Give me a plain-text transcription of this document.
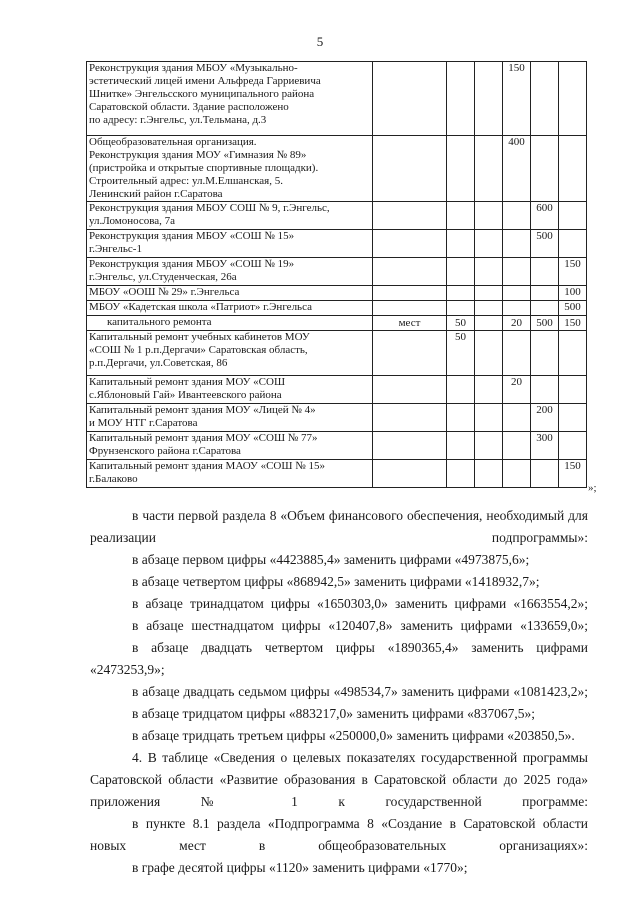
5
Реконструкция здания МБОУ «Музыкально-
эстетический лицей имени Альфреда Гарриевича
Шнитке» Энгельсского муниципального района
Саратовской области. Здание расположено
по адресу: г.Энгельс, ул.Тельмана, д.3				150		
Общеобразовательная организация.
Реконструкция здания МОУ «Гимназия № 89»
(пристройка и открытые спортивные площадки).
Строительный адрес: ул.М.Елшанская, 5.
Ленинский район г.Саратова				400		
Реконструкция здания МБОУ СОШ № 9, г.Энгельс,
ул.Ломоносова, 7а					600	
Реконструкция здания МБОУ «СОШ № 15»
г.Энгельс-1					500	
Реконструкция здания МБОУ «СОШ № 19»
г.Энгельс, ул.Студенческая, 26а						150
МБОУ «ООШ № 29» г.Энгельса						100
МБОУ «Кадетская школа «Патриот» г.Энгельса						500
капитального ремонта	мест	50		20	500	150
Капитальный ремонт учебных кабинетов МОУ
«СОШ № 1 р.п.Дергачи» Саратовская область,
р.п.Дергачи, ул.Советская, 86		50				
Капитальный ремонт здания МОУ «СОШ
с.Яблоновый Гай» Ивантеевского района				20		
Капитальный ремонт здания МОУ «Лицей № 4»
и МОУ НТГ г.Саратова					200	
Капитальный ремонт здания МОУ «СОШ № 77»
Фрунзенского района г.Саратова					300	
Капитальный ремонт здания МАОУ «СОШ № 15»
г.Балаково						150
»;

в части первой раздела 8 «Объем финансового обеспечения, необходимый для реализации подпрограммы»:

в абзаце первом цифры «4423885,4» заменить цифрами «4973875,6»;

в абзаце четвертом цифры «868942,5» заменить цифрами «1418932,7»;

в абзаце тринадцатом цифры «1650303,0» заменить цифрами «1663554,2»;

в абзаце шестнадцатом цифры «120407,8» заменить цифрами «133659,0»;

в абзаце двадцать четвертом цифры «1890365,4» заменить цифрами «2473253,9»;

в абзаце двадцать седьмом цифры «498534,7» заменить цифрами «1081423,2»;

в абзаце тридцатом цифры «883217,0» заменить цифрами «837067,5»;

в абзаце тридцать третьем цифры «250000,0» заменить цифрами «203850,5».

4. В таблице «Сведения о целевых показателях государственной программы Саратовской области «Развитие образования в Саратовской области до 2025 года» приложения № 1 к государственной программе:

в пункте 8.1 раздела «Подпрограмма 8 «Создание в Саратовской области новых мест в общеобразовательных организациях»:

в графе десятой цифры «1120» заменить цифрами «1770»;
